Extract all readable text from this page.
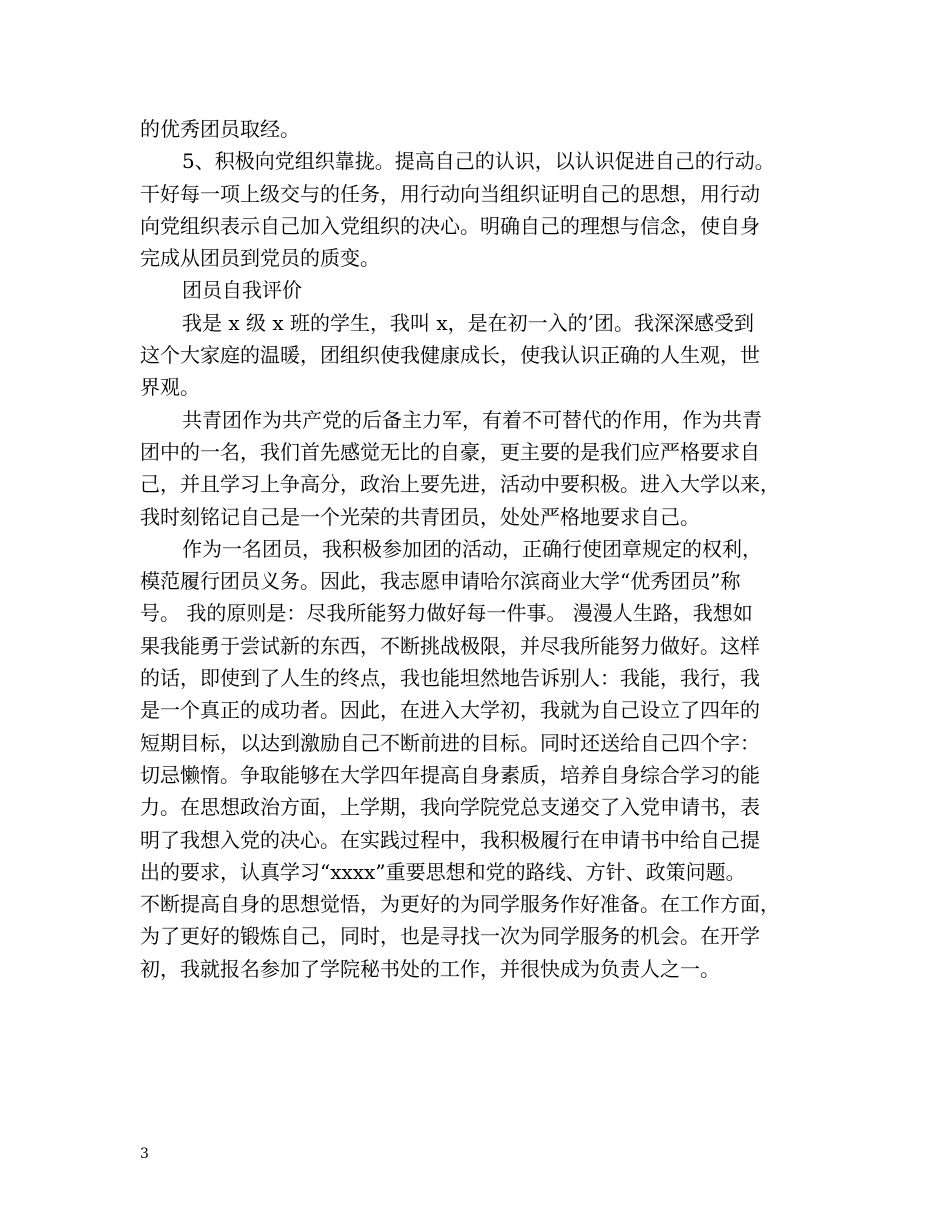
的优秀团员取经。
5、积极向党组织靠拢。提高自己的认识，以认识促进自己的行动。
干好每一项上级交与的任务，用行动向当组织证明自己的思想，用行动
向党组织表示自己加入党组织的决心。明确自己的理想与信念，使自身
完成从团员到党员的质变。
团员自我评价
我是 x 级 x 班的学生，我叫 x，是在初一入的’团。我深深感受到
这个大家庭的温暖，团组织使我健康成长，使我认识正确的人生观，世
界观。
共青团作为共产党的后备主力军，有着不可替代的作用，作为共青
团中的一名，我们首先感觉无比的自豪，更主要的是我们应严格要求自
己，并且学习上争高分，政治上要先进，活动中要积极。进入大学以来，
我时刻铭记自己是一个光荣的共青团员，处处严格地要求自己。
作为一名团员，我积极参加团的活动，正确行使团章规定的权利，
模范履行团员义务。因此，我志愿申请哈尔滨商业大学“优秀团员”称
号。 我的原则是：尽我所能努力做好每一件事。 漫漫人生路，我想如
果我能勇于尝试新的东西，不断挑战极限，并尽我所能努力做好。这样
的话，即使到了人生的终点，我也能坦然地告诉别人：我能，我行，我
是一个真正的成功者。因此，在进入大学初，我就为自己设立了四年的
短期目标，以达到激励自己不断前进的目标。同时还送给自己四个字：
切忌懒惰。争取能够在大学四年提高自身素质，培养自身综合学习的能
力。在思想政治方面，上学期，我向学院党总支递交了入党申请书，表
明了我想入党的决心。在实践过程中，我积极履行在申请书中给自己提
出的要求，认真学习“xxxx”重要思想和党的路线、方针、政策问题。
不断提高自身的思想觉悟，为更好的为同学服务作好准备。在工作方面，
为了更好的锻炼自己，同时，也是寻找一次为同学服务的机会。在开学
初，我就报名参加了学院秘书处的工作，并很快成为负责人之一。
3
